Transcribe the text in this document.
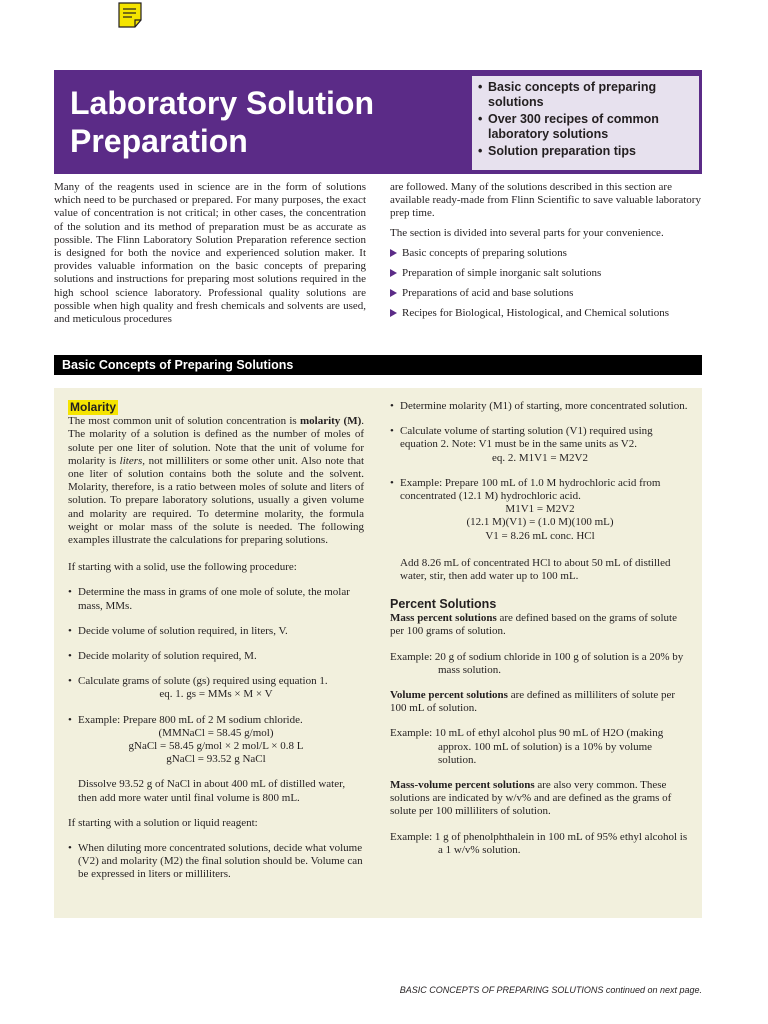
Laboratory Solution Preparation
• Basic concepts of preparing solutions
• Over 300 recipes of common laboratory solutions
• Solution preparation tips

Many of the reagents used in science are in the form of solutions which need to be purchased or prepared. For many purposes, the exact value of concentration is not critical; in other cases, the concentration of the solution and its method of preparation must be as accurate as possible. The Flinn Laboratory Solution Preparation reference section is designed for both the novice and experienced solution maker. It provides valuable information on the basic concepts of preparing solutions and instructions for preparing most solutions required in the high school science laboratory. Professional quality solutions are possible when high quality and fresh chemicals and solvents are used, and meticulous procedures

are followed. Many of the solutions described in this section are available ready-made from Flinn Scientific to save valuable laboratory prep time.

The section is divided into several parts for your convenience.

Basic concepts of preparing solutions
Preparation of simple inorganic salt solutions
Preparations of acid and base solutions
Recipes for Biological, Histological, and Chemical solutions
Basic Concepts of Preparing Solutions
Molarity

The most common unit of solution concentration is molarity (M). The molarity of a solution is defined as the number of moles of solute per one liter of solution. Note that the unit of volume for molarity is liters, not milliliters or some other unit. Also note that one liter of solution contains both the solute and the solvent. Molarity, therefore, is a ratio between moles of solute and liters of solution. To prepare laboratory solutions, usually a given volume and molarity are required. To determine molarity, the formula weight or molar mass of the solute is needed. The following examples illustrate the calculations for preparing solutions.

If starting with a solid, use the following procedure:

• Determine the mass in grams of one mole of solute, the molar mass, MMs.

• Decide volume of solution required, in liters, V.

• Decide molarity of solution required, M.

• Calculate grams of solute (gs) required using equation 1.

eq. 1. gs = MMs × M × V

• Example: Prepare 800 mL of 2 M sodium chloride.

(MMNaCl = 58.45 g/mol)

gNaCl = 58.45 g/mol × 2 mol/L × 0.8 L

gNaCl = 93.52 g NaCl

Dissolve 93.52 g of NaCl in about 400 mL of distilled water, then add more water until final volume is 800 mL.

If starting with a solution or liquid reagent:

• When diluting more concentrated solutions, decide what volume (V2) and molarity (M2) the final solution should be. Volume can be expressed in liters or milliliters.

• Determine molarity (M1) of starting, more concentrated solution.

• Calculate volume of starting solution (V1) required using equation 2. Note: V1 must be in the same units as V2.

eq. 2. M1V1 = M2V2

• Example: Prepare 100 mL of 1.0 M hydrochloric acid from concentrated (12.1 M) hydrochloric acid.

M1V1 = M2V2

(12.1 M)(V1) = (1.0 M)(100 mL)

V1 = 8.26 mL conc. HCl

Add 8.26 mL of concentrated HCl to about 50 mL of distilled water, stir, then add water up to 100 mL.

Percent Solutions

Mass percent solutions are defined based on the grams of solute per 100 grams of solution.

Example: 20 g of sodium chloride in 100 g of solution is a 20% by mass solution.

Volume percent solutions are defined as milliliters of solute per 100 mL of solution.

Example: 10 mL of ethyl alcohol plus 90 mL of H2O (making approx. 100 mL of solution) is a 10% by volume solution.

Mass-volume percent solutions are also very common. These solutions are indicated by w/v% and are defined as the grams of solute per 100 milliliters of solution.

Example: 1 g of phenolphthalein in 100 mL of 95% ethyl alcohol is a 1 w/v% solution.

BASIC CONCEPTS OF PREPARING SOLUTIONS continued on next page.
